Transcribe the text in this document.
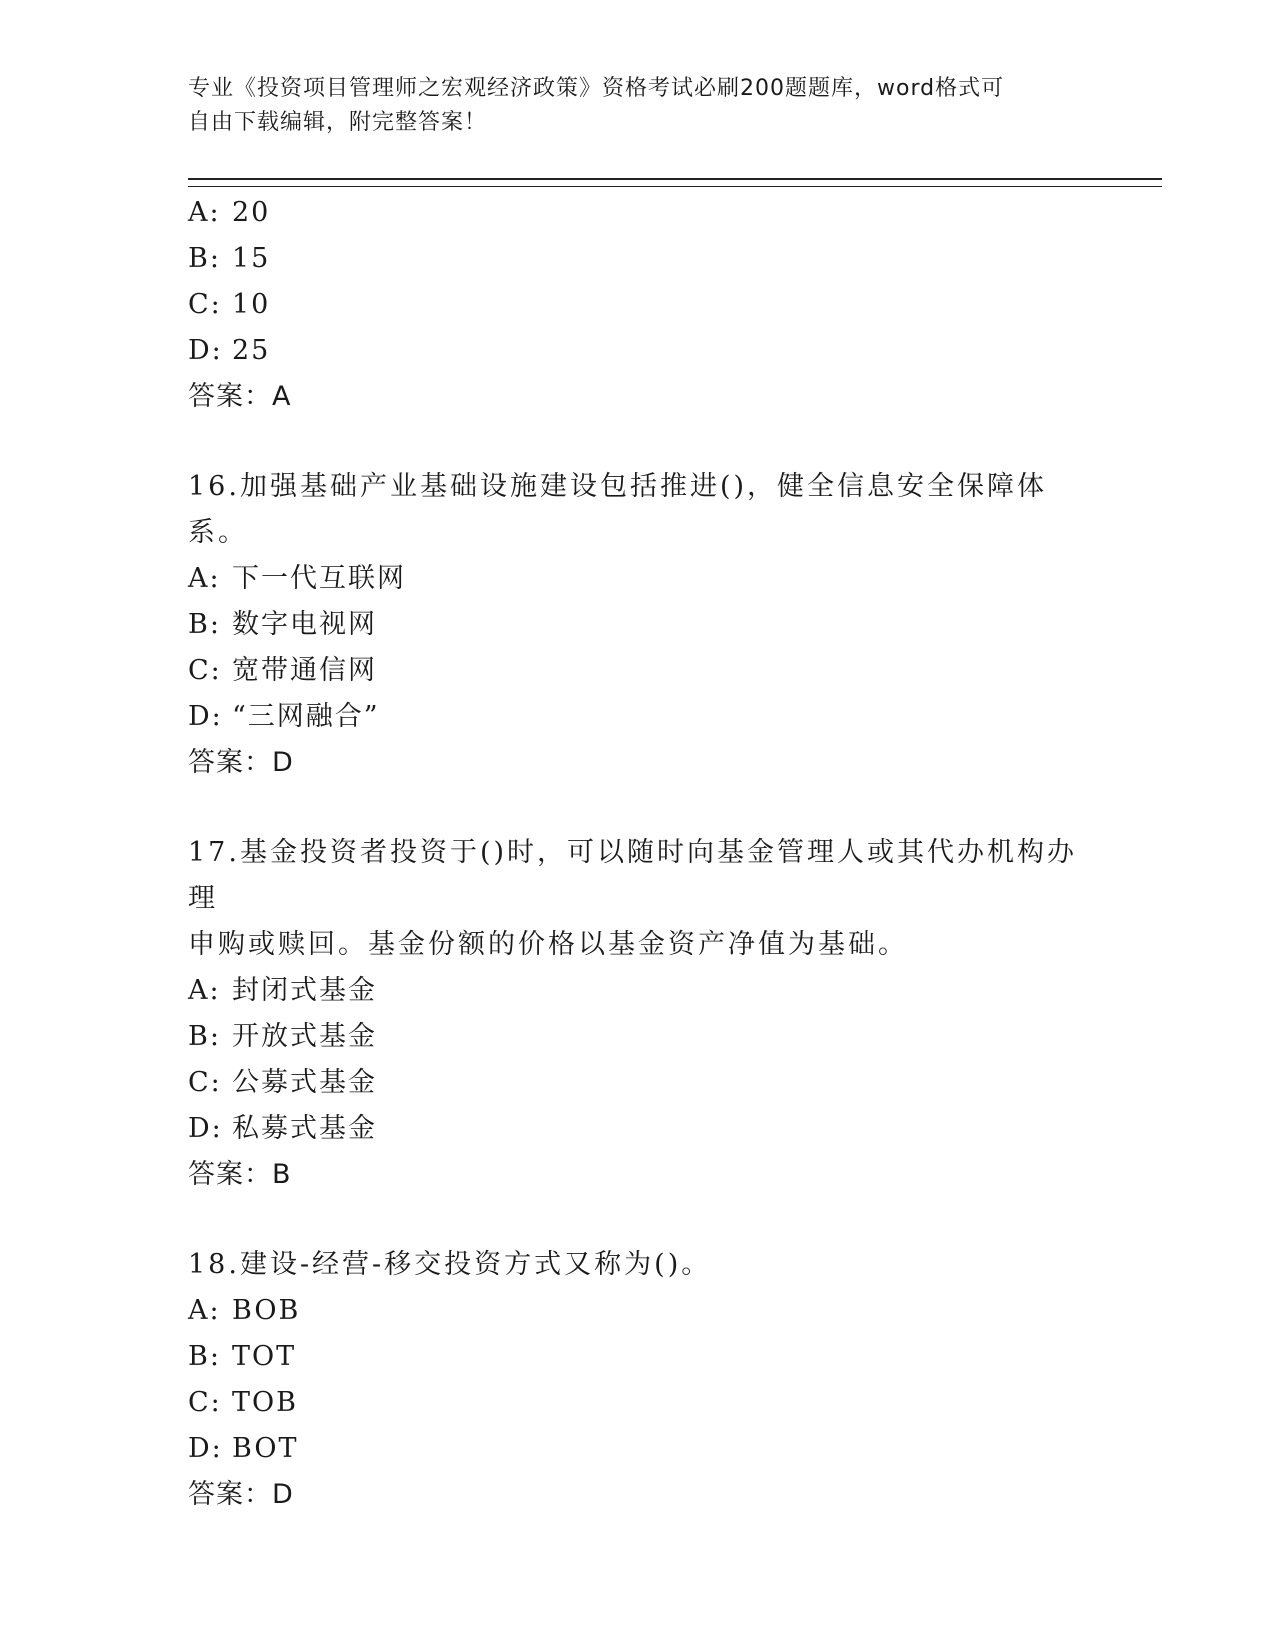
专业《投资项目管理师之宏观经济政策》资格考试必刷200题题库，word格式可
自由下载编辑，附完整答案！
A: 20
B: 15
C: 10
D: 25
答案：A
16.加强基础产业基础设施建设包括推进()，健全信息安全保障体系。
A: 下一代互联网
B: 数字电视网
C: 宽带通信网
D: “三网融合”
答案：D
17.基金投资者投资于()时，可以随时向基金管理人或其代办机构办理
申购或赎回。基金份额的价格以基金资产净值为基础。
A: 封闭式基金
B: 开放式基金
C: 公募式基金
D: 私募式基金
答案：B
18.建设-经营-移交投资方式又称为()。
A: BOB
B: TOT
C: TOB
D: BOT
答案：D
